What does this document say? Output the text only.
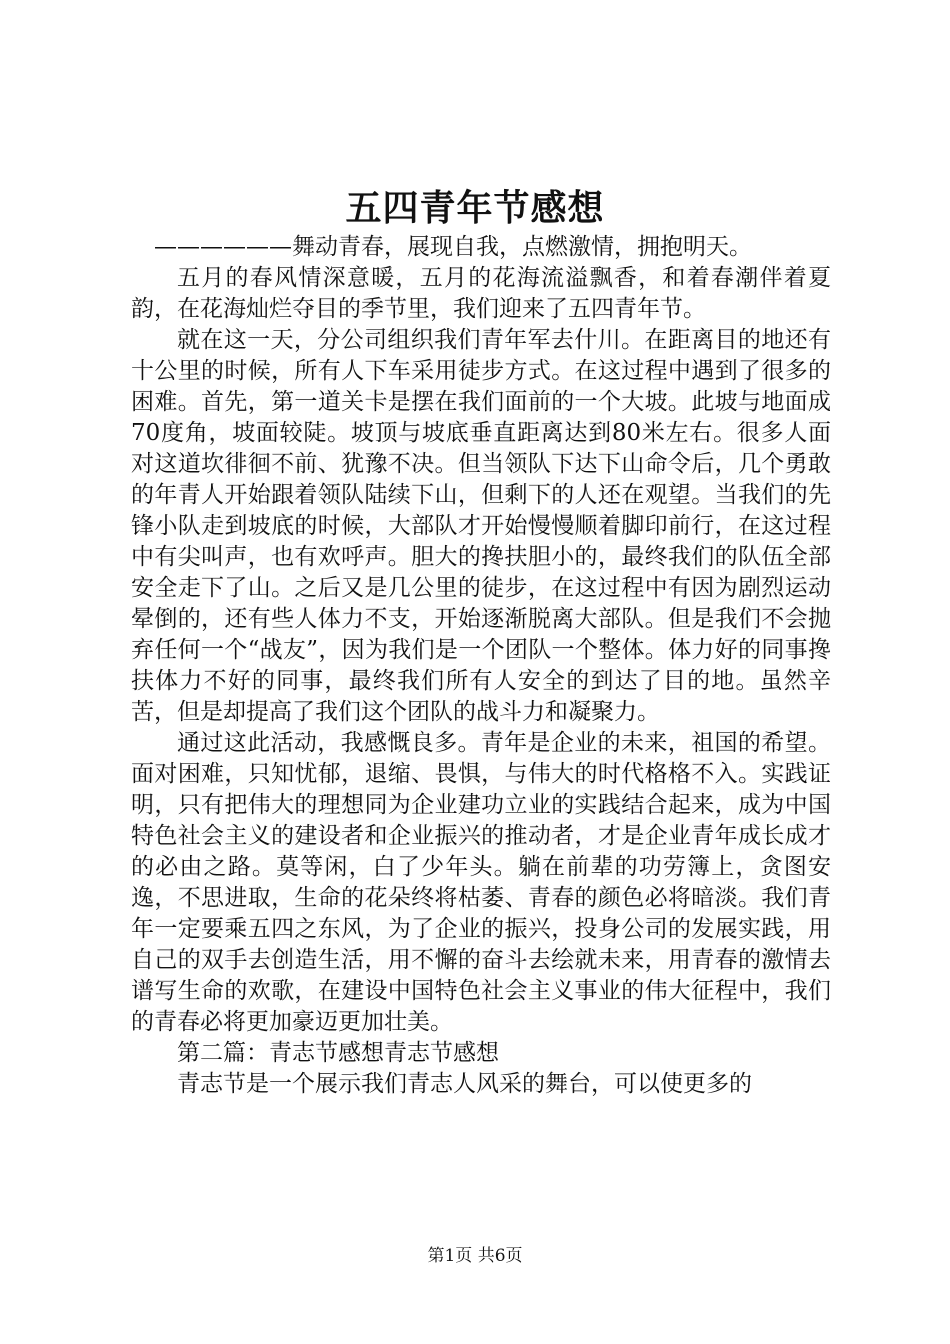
五四青年节感想

——————舞动青春，展现自我，点燃激情，拥抱明天。

五月的春风情深意暖，五月的花海流溢飘香，和着春潮伴着夏韵，在花海灿烂夺目的季节里，我们迎来了五四青年节。

就在这一天，分公司组织我们青年军去什川。在距离目的地还有十公里的时候，所有人下车采用徒步方式。在这过程中遇到了很多的困难。首先，第一道关卡是摆在我们面前的一个大坡。此坡与地面成70度角，坡面较陡。坡顶与坡底垂直距离达到80米左右。很多人面对这道坎徘徊不前、犹豫不决。但当领队下达下山命令后，几个勇敢的年青人开始跟着领队陆续下山，但剩下的人还在观望。当我们的先锋小队走到坡底的时候，大部队才开始慢慢顺着脚印前行，在这过程中有尖叫声，也有欢呼声。胆大的搀扶胆小的，最终我们的队伍全部安全走下了山。之后又是几公里的徒步，在这过程中有因为剧烈运动晕倒的，还有些人体力不支，开始逐渐脱离大部队。但是我们不会抛弃任何一个“战友”，因为我们是一个团队一个整体。体力好的同事搀扶体力不好的同事，最终我们所有人安全的到达了目的地。虽然辛苦，但是却提高了我们这个团队的战斗力和凝聚力。

通过这此活动，我感慨良多。青年是企业的未来，祖国的希望。面对困难，只知忧郁，退缩、畏惧，与伟大的时代格格不入。实践证明，只有把伟大的理想同为企业建功立业的实践结合起来，成为中国特色社会主义的建设者和企业振兴的推动者，才是企业青年成长成才的必由之路。莫等闲，白了少年头。躺在前辈的功劳簿上，贪图安逸，不思进取，生命的花朵终将枯萎、青春的颜色必将暗淡。我们青年一定要乘五四之东风，为了企业的振兴，投身公司的发展实践，用自己的双手去创造生活，用不懈的奋斗去绘就未来，用青春的激情去谱写生命的欢歌，在建设中国特色社会主义事业的伟大征程中，我们的青春必将更加豪迈更加壮美。

第二篇：青志节感想青志节感想

青志节是一个展示我们青志人风采的舞台，可以使更多的

第1页 共6页
